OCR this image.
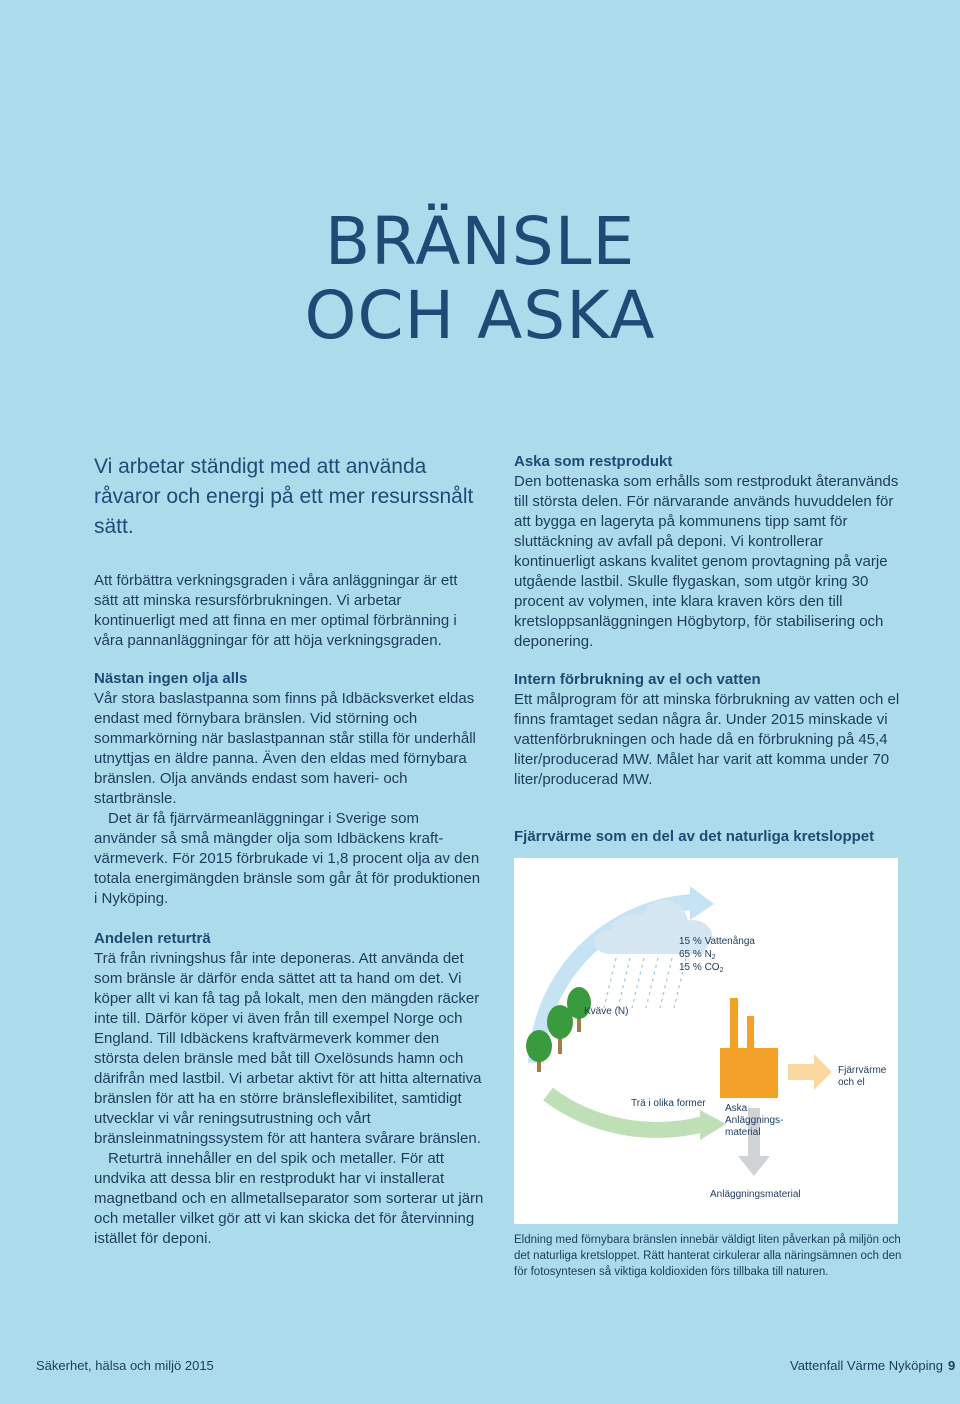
BRÄNSLE
OCH ASKA

Vi arbetar ständigt med att använda råvaror och energi på ett mer resurssnålt sätt.

Att förbättra verkningsgraden i våra anläggningar är ett sätt att minska resursförbrukningen. Vi arbetar kontinuerligt med att finna en mer optimal förbränning i våra pannanläggningar för att höja verkningsgraden.

Nästan ingen olja alls

Vår stora baslastpanna som finns på Idbäcksverket eldas endast med förnybara bränslen. Vid störning och sommarkörning när baslastpannan står stilla för underhåll utnyttjas en äldre panna. Även den eldas med förnybara bränslen. Olja används endast som haveri- och startbränsle.

Det är få fjärrvärmeanläggningar i Sverige som använder så små mängder olja som Idbäckens kraftvärmeverk. För 2015 förbrukade vi 1,8 procent olja av den totala energimängden bränsle som går åt för produktionen i Nyköping.

Andelen returträ

Trä från rivningshus får inte deponeras. Att använda det som bränsle är därför enda sättet att ta hand om det. Vi köper allt vi kan få tag på lokalt, men den mängden räcker inte till. Därför köper vi även från till exempel Norge och England. Till Idbäckens kraftvärmeverk kommer den största delen bränsle med båt till Oxelösunds hamn och därifrån med lastbil. Vi arbetar aktivt för att hitta alternativa bränslen för att ha en större bränsleflexibilitet, samtidigt utvecklar vi vår reningsutrustning och vårt bränsleinmatningssystem för att hantera svårare bränslen.

Returträ innehåller en del spik och metaller. För att undvika att dessa blir en restprodukt har vi installerat magnetband och en allmetallseparator som sorterar ut järn och metaller vilket gör att vi kan skicka det för återvinning istället för deponi.

Aska som restprodukt

Den bottenaska som erhålls som restprodukt återanvänds till största delen. För närvarande används huvuddelen för att bygga en lageryta på kommunens tipp samt för sluttäckning av avfall på deponi. Vi kontrollerar kontinuerligt askans kvalitet genom provtagning på varje utgående lastbil. Skulle flygaskan, som utgör kring 30 procent av volymen, inte klara kraven körs den till kretsloppsanläggningen Högbytorp, för stabilisering och deponering.

Intern förbrukning av el och vatten

Ett målprogram för att minska förbrukning av vatten och el finns framtaget sedan några år. Under 2015 minskade vi vattenförbrukningen och hade då en förbrukning på 45,4 liter/producerad MW. Målet har varit att komma under 70 liter/producerad MW.

Fjärrvärme som en del av det naturliga kretsloppet
15 % Vattenånga
65 % $N_2$
15 % $CO_2$
Kväve (N)
Trä i olika former Aska
Anläggnings-
material
Fjärrvärme
och el
Anläggningsmaterial

Eldning med förnybara bränslen innebär väldigt liten påverkan på miljön och det naturliga kretsloppet. Rätt hanterat cirkulerar alla näringsämnen och den för fotosyntesen så viktiga koldioxiden förs tillbaka till naturen.

Säkerhet, hälsa och miljö 2015	Vattenfall Värme Nyköping 9
